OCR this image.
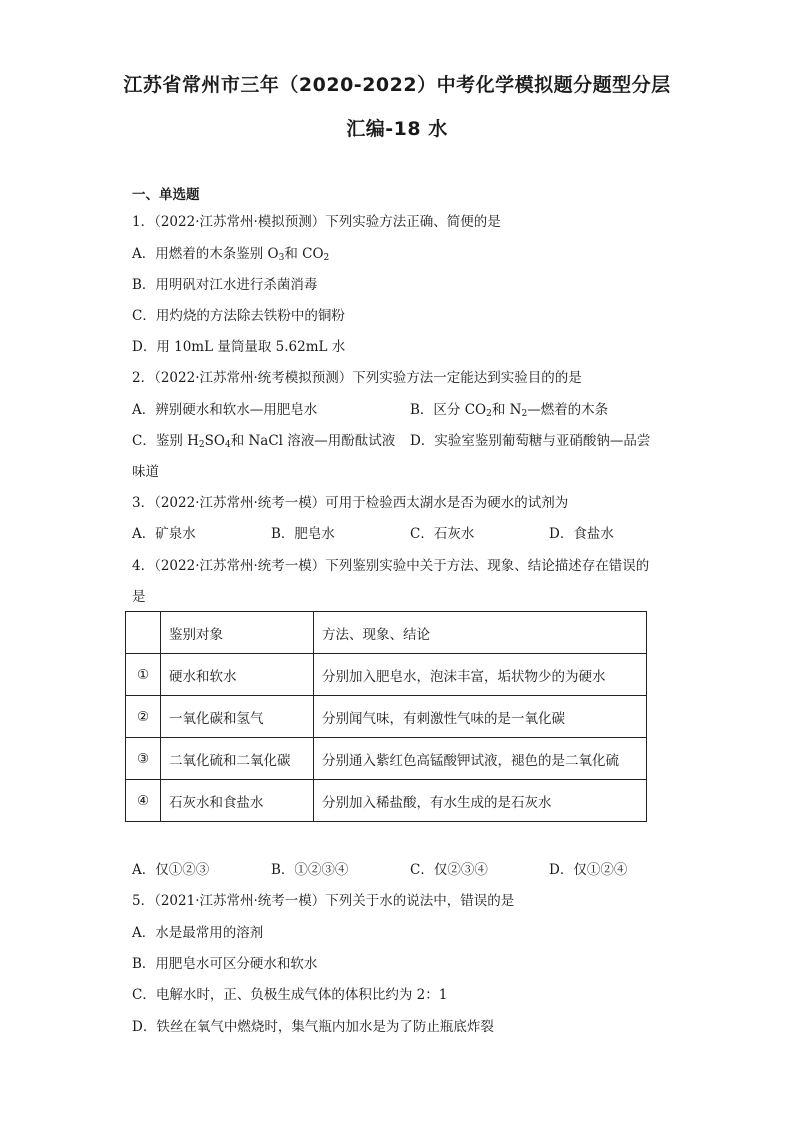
江苏省常州市三年（2020-2022）中考化学模拟题分题型分层
汇编-18 水
一、单选题
1．（2022·江苏常州·模拟预测）下列实验方法正确、简便的是
A．用燃着的木条鉴别 $O_3$和 $CO_2$
B．用明矾对江水进行杀菌消毒
C．用灼烧的方法除去铁粉中的铜粉
D．用 10mL 量筒量取 5.62mL 水
2．（2022·江苏常州·统考模拟预测）下列实验方法一定能达到实验目的的是
A．辨别硬水和软水—用肥皂水	B．区分 $CO_2$和 $N_2—$燃着的木条
C．鉴别 $H_2SO_4$和 NaCl 溶液—用酚酞试液 D．实验室鉴别葡萄糖与亚硝酸钠—品尝
味道
3．（2022·江苏常州·统考一模）可用于检验西太湖水是否为硬水的试剂为
A．矿泉水	B．肥皂水	C．石灰水	D．食盐水
4．（2022·江苏常州·统考一模）下列鉴别实验中关于方法、现象、结论描述存在错误的
是
	鉴别对象	方法、现象、结论
①	硬水和软水	分别加入肥皂水，泡沫丰富，垢状物少的为硬水
②	一氧化碳和氢气	分别闻气味，有刺激性气味的是一氧化碳
③	二氧化硫和二氧化碳	分别通入紫红色高锰酸钾试液，褪色的是二氧化硫
④	石灰水和食盐水	分别加入稀盐酸，有水生成的是石灰水
A．仅①②③	B．①②③④	C．仅②③④	D．仅①②④
5．（2021·江苏常州·统考一模）下列关于水的说法中，错误的是
A．水是最常用的溶剂
B．用肥皂水可区分硬水和软水
C．电解水时，正、负极生成气体的体积比约为 2：1
D．铁丝在氧气中燃烧时，集气瓶内加水是为了防止瓶底炸裂
